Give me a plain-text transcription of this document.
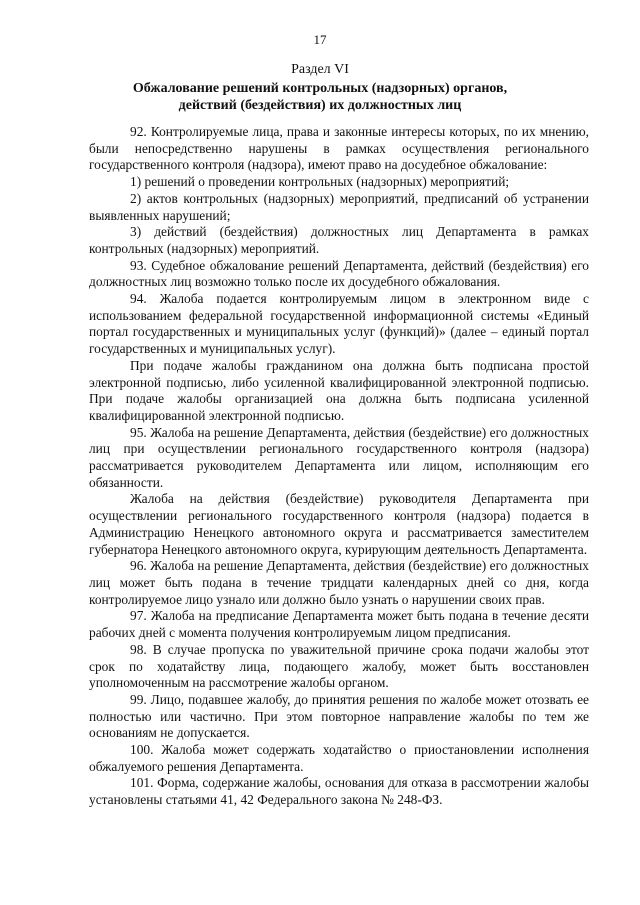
17
Раздел VI
Обжалование решений контрольных (надзорных) органов,
действий (бездействия) их должностных лиц

92. Контролируемые лица, права и законные интересы которых, по их мнению, были непосредственно нарушены в рамках осуществления регионального государственного контроля (надзора), имеют право на досудебное обжалование:

1) решений о проведении контрольных (надзорных) мероприятий;

2) актов контрольных (надзорных) мероприятий, предписаний об устранении выявленных нарушений;

3) действий (бездействия) должностных лиц Департамента в рамках контрольных (надзорных) мероприятий.

93. Судебное обжалование решений Департамента, действий (бездействия) его должностных лиц возможно только после их досудебного обжалования.

94. Жалоба подается контролируемым лицом в электронном виде с использованием федеральной государственной информационной системы «Единый портал государственных и муниципальных услуг (функций)» (далее – единый портал государственных и муниципальных услуг).

При подаче жалобы гражданином она должна быть подписана простой электронной подписью, либо усиленной квалифицированной электронной подписью. При подаче жалобы организацией она должна быть подписана усиленной квалифицированной электронной подписью.

95. Жалоба на решение Департамента, действия (бездействие) его должностных лиц при осуществлении регионального государственного контроля (надзора) рассматривается руководителем Департамента или лицом, исполняющим его обязанности.

Жалоба на действия (бездействие) руководителя Департамента при осуществлении регионального государственного контроля (надзора) подается в Администрацию Ненецкого автономного округа и рассматривается заместителем губернатора Ненецкого автономного округа, курирующим деятельность Департамента.

96. Жалоба на решение Департамента, действия (бездействие) его должностных лиц может быть подана в течение тридцати календарных дней со дня, когда контролируемое лицо узнало или должно было узнать о нарушении своих прав.

97. Жалоба на предписание Департамента может быть подана в течение десяти рабочих дней с момента получения контролируемым лицом предписания.

98. В случае пропуска по уважительной причине срока подачи жалобы этот срок по ходатайству лица, подающего жалобу, может быть восстановлен уполномоченным на рассмотрение жалобы органом.

99. Лицо, подавшее жалобу, до принятия решения по жалобе может отозвать ее полностью или частично. При этом повторное направление жалобы по тем же основаниям не допускается.

100. Жалоба может содержать ходатайство о приостановлении исполнения обжалуемого решения Департамента.

101. Форма, содержание жалобы, основания для отказа в рассмотрении жалобы установлены статьями 41, 42 Федерального закона № 248-ФЗ.
